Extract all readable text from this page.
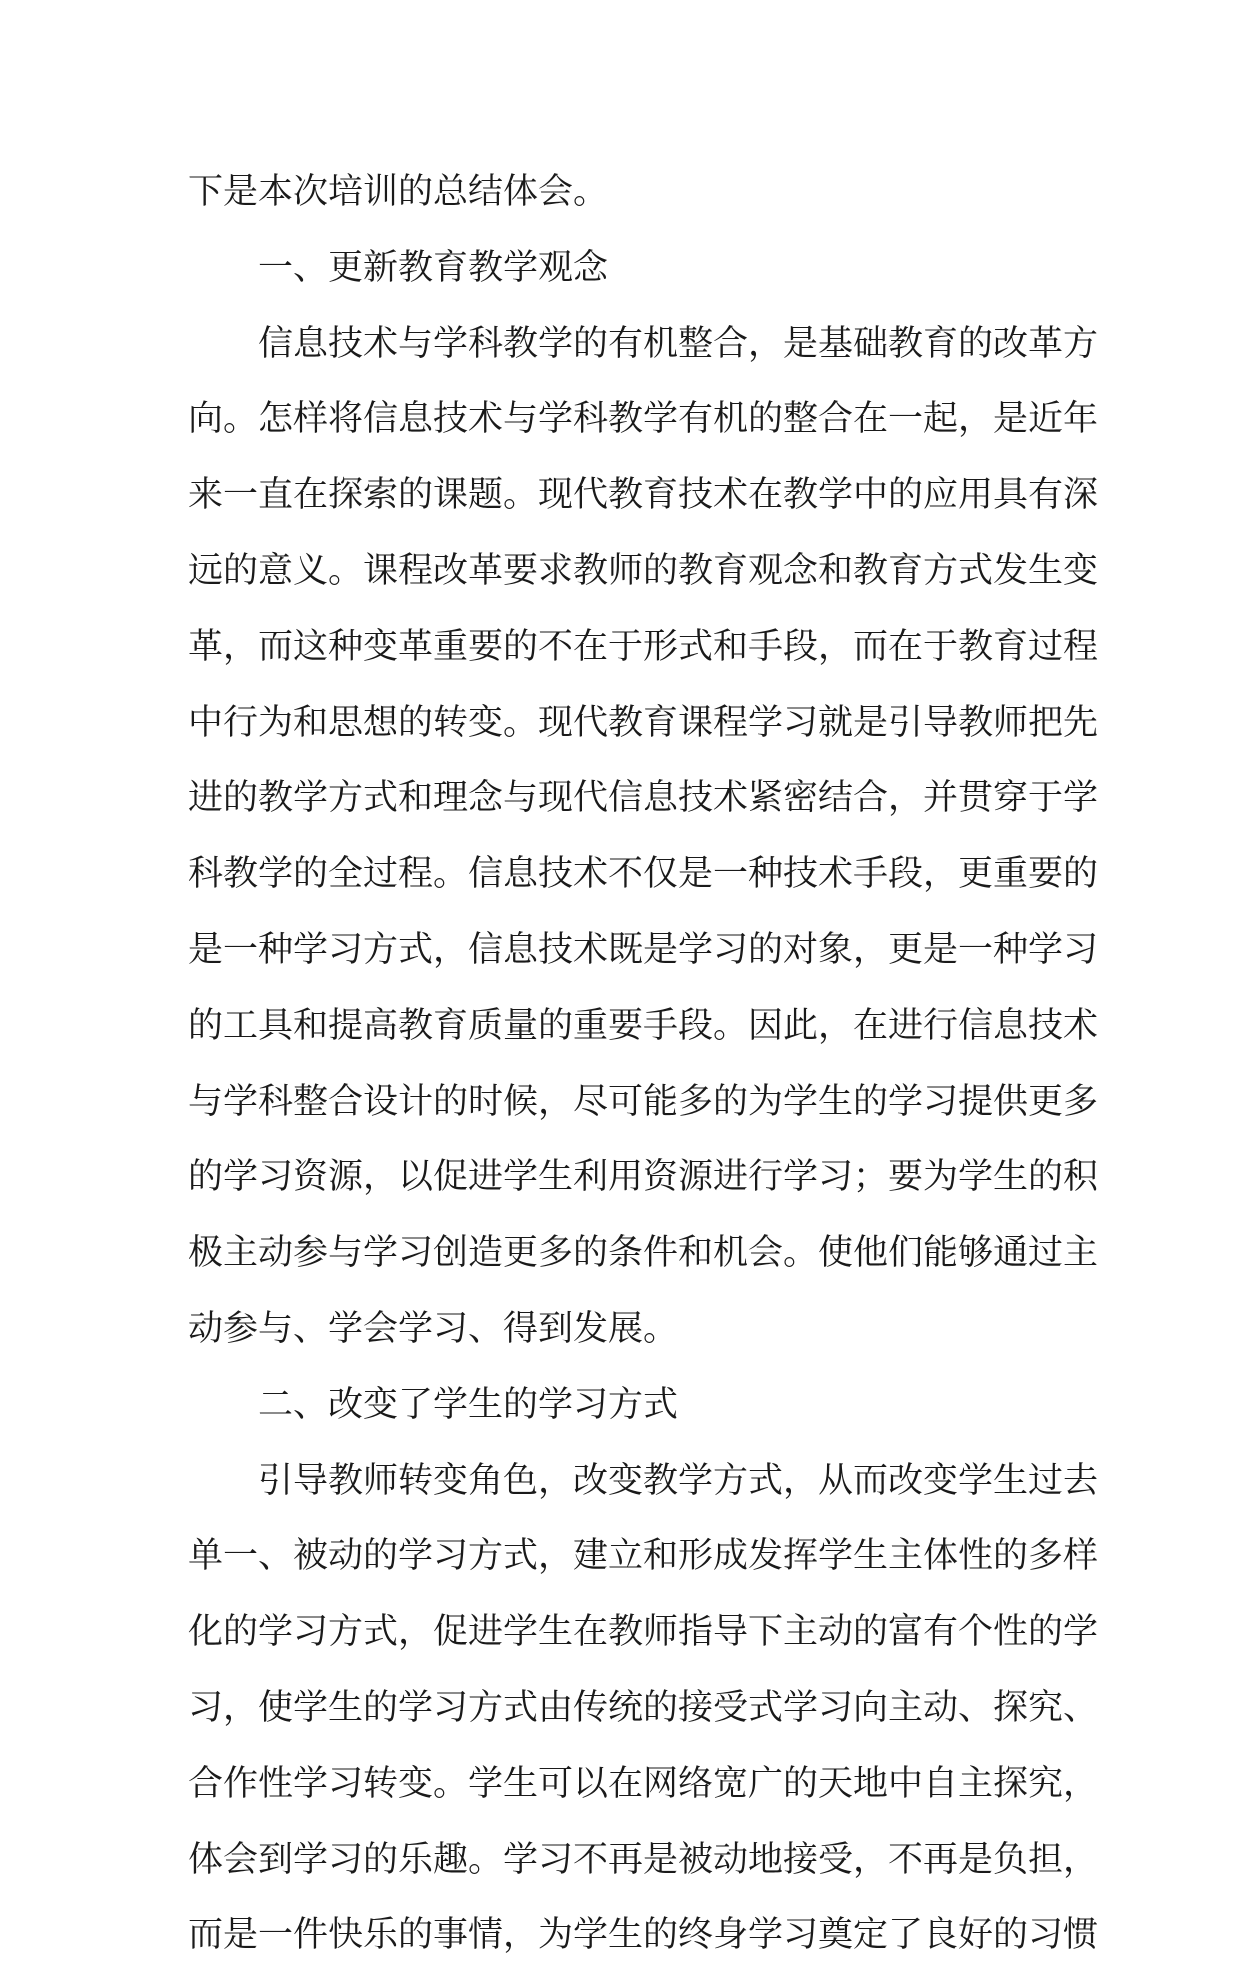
下是本次培训的总结体会。
一、更新教育教学观念
信息技术与学科教学的有机整合，是基础教育的改革方
向。怎样将信息技术与学科教学有机的整合在一起，是近年
来一直在探索的课题。现代教育技术在教学中的应用具有深
远的意义。课程改革要求教师的教育观念和教育方式发生变
革，而这种变革重要的不在于形式和手段，而在于教育过程
中行为和思想的转变。现代教育课程学习就是引导教师把先
进的教学方式和理念与现代信息技术紧密结合，并贯穿于学
科教学的全过程。信息技术不仅是一种技术手段，更重要的
是一种学习方式，信息技术既是学习的对象，更是一种学习
的工具和提高教育质量的重要手段。因此，在进行信息技术
与学科整合设计的时候，尽可能多的为学生的学习提供更多
的学习资源，以促进学生利用资源进行学习；要为学生的积
极主动参与学习创造更多的条件和机会。使他们能够通过主
动参与、学会学习、得到发展。
二、改变了学生的学习方式
引导教师转变角色，改变教学方式，从而改变学生过去
单一、被动的学习方式，建立和形成发挥学生主体性的多样
化的学习方式，促进学生在教师指导下主动的富有个性的学
习，使学生的学习方式由传统的接受式学习向主动、探究、
合作性学习转变。学生可以在网络宽广的天地中自主探究，
体会到学习的乐趣。学习不再是被动地接受，不再是负担，
而是一件快乐的事情，为学生的终身学习奠定了良好的习惯
